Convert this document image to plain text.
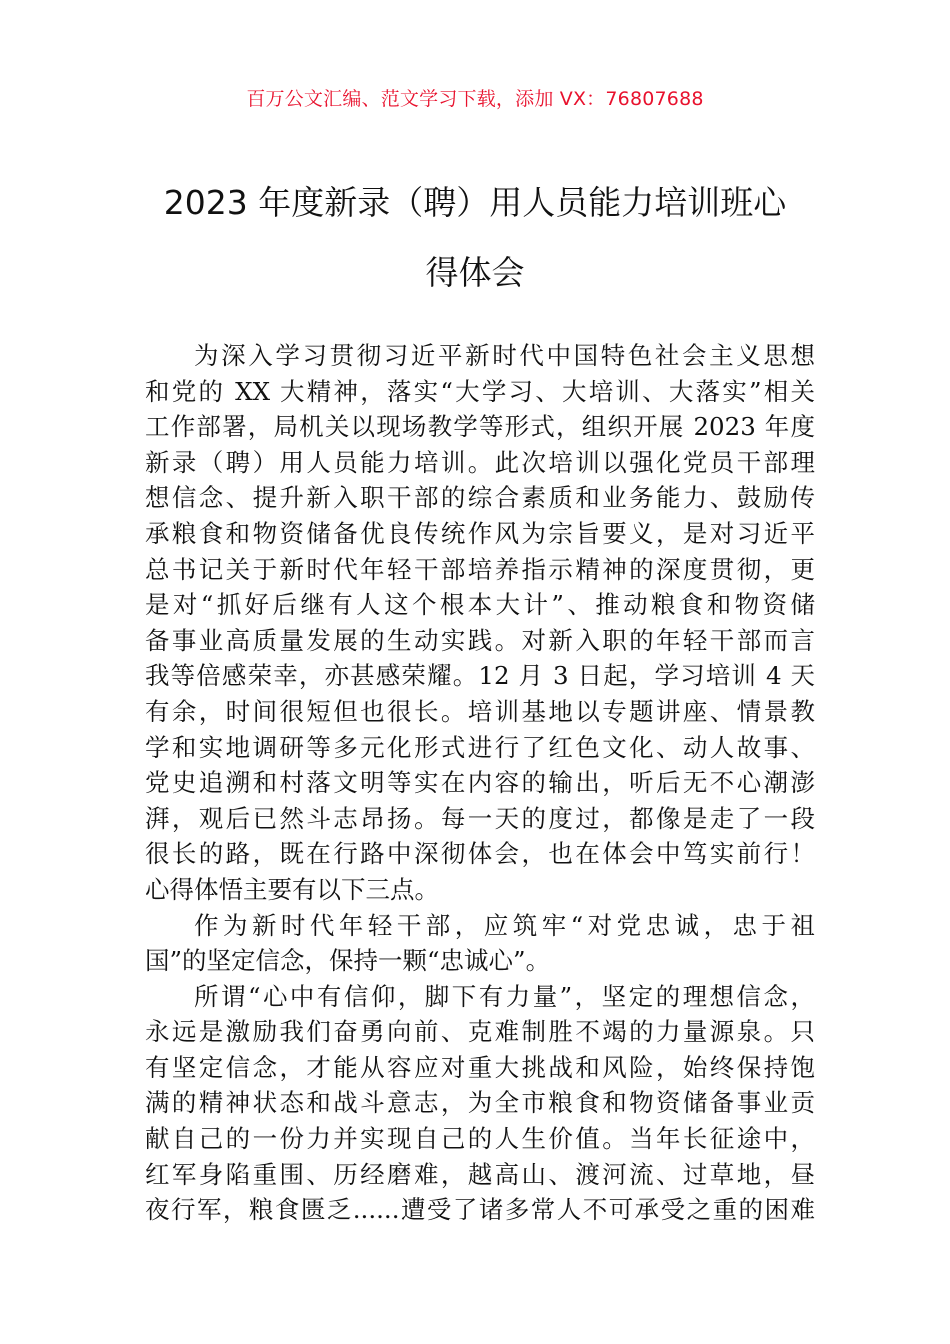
百万公文汇编、范文学习下载，添加 VX：76807688
2023 年度新录（聘）用人员能力培训班心
得体会
为深入学习贯彻习近平新时代中国特色社会主义思想
和党的 XX 大精神，落实“大学习、大培训、大落实”相关
工作部署，局机关以现场教学等形式，组织开展 2023 年度
新录（聘）用人员能力培训。此次培训以强化党员干部理
想信念、提升新入职干部的综合素质和业务能力、鼓励传
承粮食和物资储备优良传统作风为宗旨要义，是对习近平
总书记关于新时代年轻干部培养指示精神的深度贯彻，更
是对“抓好后继有人这个根本大计”、推动粮食和物资储
备事业高质量发展的生动实践。对新入职的年轻干部而言
我等倍感荣幸，亦甚感荣耀。12 月 3 日起，学习培训 4 天
有余，时间很短但也很长。培训基地以专题讲座、情景教
学和实地调研等多元化形式进行了红色文化、动人故事、
党史追溯和村落文明等实在内容的输出，听后无不心潮澎
湃，观后已然斗志昂扬。每一天的度过，都像是走了一段
很长的路，既在行路中深彻体会，也在体会中笃实前行！
心得体悟主要有以下三点。
作为新时代年轻干部，应筑牢“对党忠诚，忠于祖
国”的坚定信念，保持一颗“忠诚心”。
所谓“心中有信仰，脚下有力量”，坚定的理想信念，
永远是激励我们奋勇向前、克难制胜不竭的力量源泉。只
有坚定信念，才能从容应对重大挑战和风险，始终保持饱
满的精神状态和战斗意志，为全市粮食和物资储备事业贡
献自己的一份力并实现自己的人生价值。当年长征途中，
红军身陷重围、历经磨难，越高山、渡河流、过草地，昼
夜行军，粮食匮乏......遭受了诸多常人不可承受之重的困难
